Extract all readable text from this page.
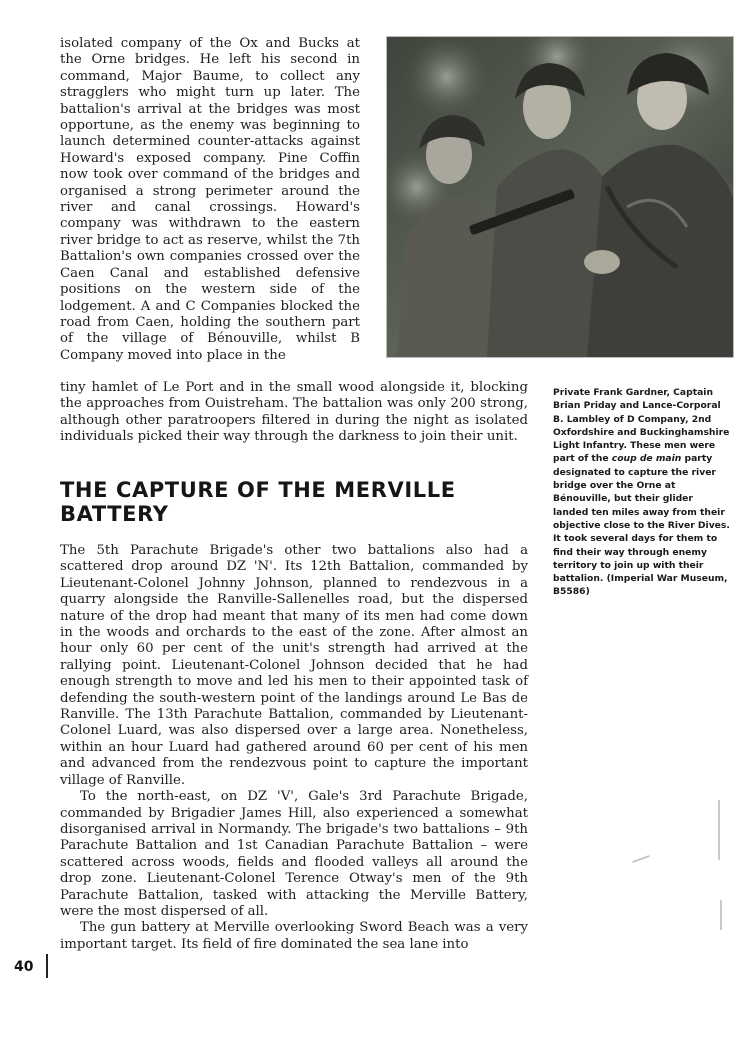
isolated company of the Ox and Bucks at the Orne bridges. He left his second in command, Major Baume, to collect any stragglers who might turn up later. The battalion's arrival at the bridges was most opportune, as the enemy was beginning to launch determined counter-attacks against Howard's exposed company. Pine Coffin now took over command of the bridges and organised a strong perimeter around the river and canal crossings. Howard's company was withdrawn to the eastern river bridge to act as reserve, whilst the 7th Battalion's own companies crossed over the Caen Canal and established defensive positions on the western side of the lodgement. A and C Companies blocked the road from Caen, holding the southern part of the village of Bénouville, whilst B Company moved into place in the

tiny hamlet of Le Port and in the small wood alongside it, blocking the approaches from Ouistreham. The battalion was only 200 strong, although other paratroopers filtered in during the night as isolated individuals picked their way through the darkness to join their unit.

Private Frank Gardner, Captain Brian Priday and Lance-Corporal B. Lambley of D Company, 2nd Oxfordshire and Buckinghamshire Light Infantry. These men were part of the coup de main party designated to capture the river bridge over the Orne at Bénouville, but their glider landed ten miles away from their objective close to the River Dives. It took several days for them to find their way through enemy territory to join up with their battalion. (Imperial War Museum, B5586)

THE CAPTURE OF THE MERVILLE BATTERY

The 5th Parachute Brigade's other two battalions also had a scattered drop around DZ 'N'. Its 12th Battalion, commanded by Lieutenant-Colonel Johnny Johnson, planned to rendezvous in a quarry alongside the Ranville-Sallenelles road, but the dispersed nature of the drop had meant that many of its men had come down in the woods and orchards to the east of the zone. After almost an hour only 60 per cent of the unit's strength had arrived at the rallying point. Lieutenant-Colonel Johnson decided that he had enough strength to move and led his men to their appointed task of defending the south-western point of the landings around Le Bas de Ranville. The 13th Parachute Battalion, commanded by Lieutenant-Colonel Luard, was also dispersed over a large area. Nonetheless, within an hour Luard had gathered around 60 per cent of his men and advanced from the rendezvous point to capture the important village of Ranville.

To the north-east, on DZ 'V', Gale's 3rd Parachute Brigade, commanded by Brigadier James Hill, also experienced a somewhat disorganised arrival in Normandy. The brigade's two battalions – 9th Parachute Battalion and 1st Canadian Parachute Battalion – were scattered across woods, fields and flooded valleys all around the drop zone. Lieutenant-Colonel Terence Otway's men of the 9th Parachute Battalion, tasked with attacking the Merville Battery, were the most dispersed of all.

The gun battery at Merville overlooking Sword Beach was a very important target. Its field of fire dominated the sea lane into

40
